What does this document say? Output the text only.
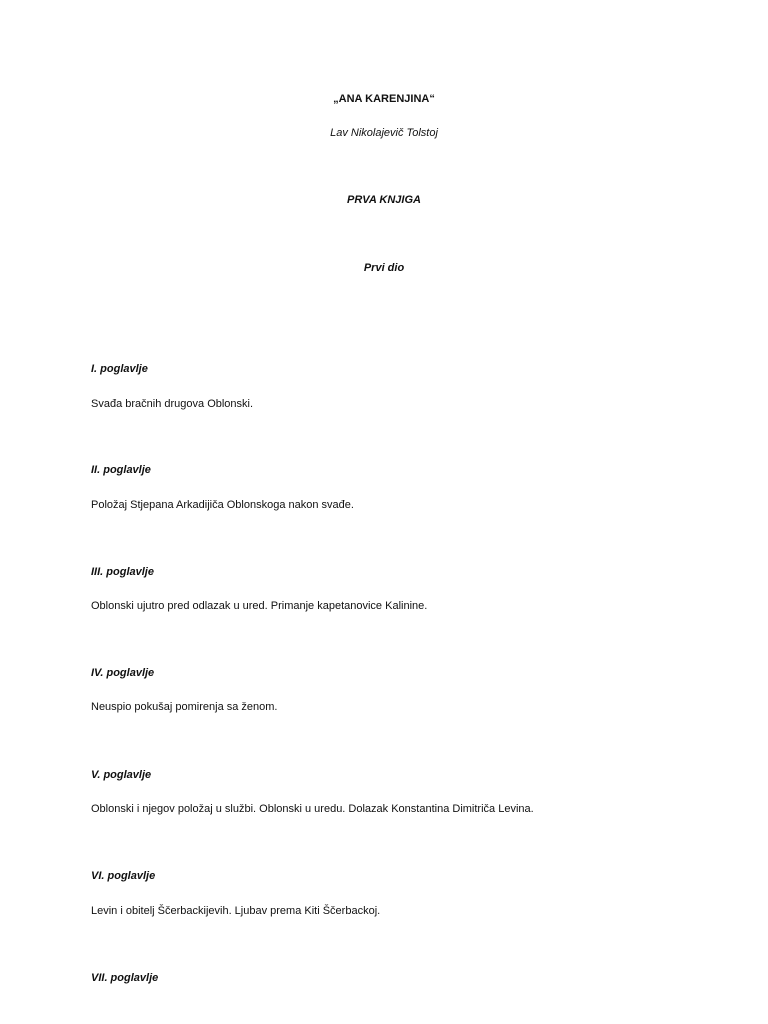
„ANA KARENJINA“
Lav Nikolajevič Tolstoj
PRVA KNJIGA
Prvi dio
I. poglavlje
Svađa bračnih drugova Oblonski.
II. poglavlje
Položaj Stjepana Arkadijiča Oblonskoga nakon svađe.
III. poglavlje
Oblonski ujutro pred odlazak u ured. Primanje kapetanovice Kalinine.
IV. poglavlje
Neuspio pokušaj pomirenja sa ženom.
V. poglavlje
Oblonski i njegov položaj u službi. Oblonski u uredu. Dolazak Konstantina Dimitriča Levina.
VI. poglavlje
Levin i obitelj Ščerbackijevih. Ljubav prema Kiti Ščerbackoj.
VII. poglavlje
